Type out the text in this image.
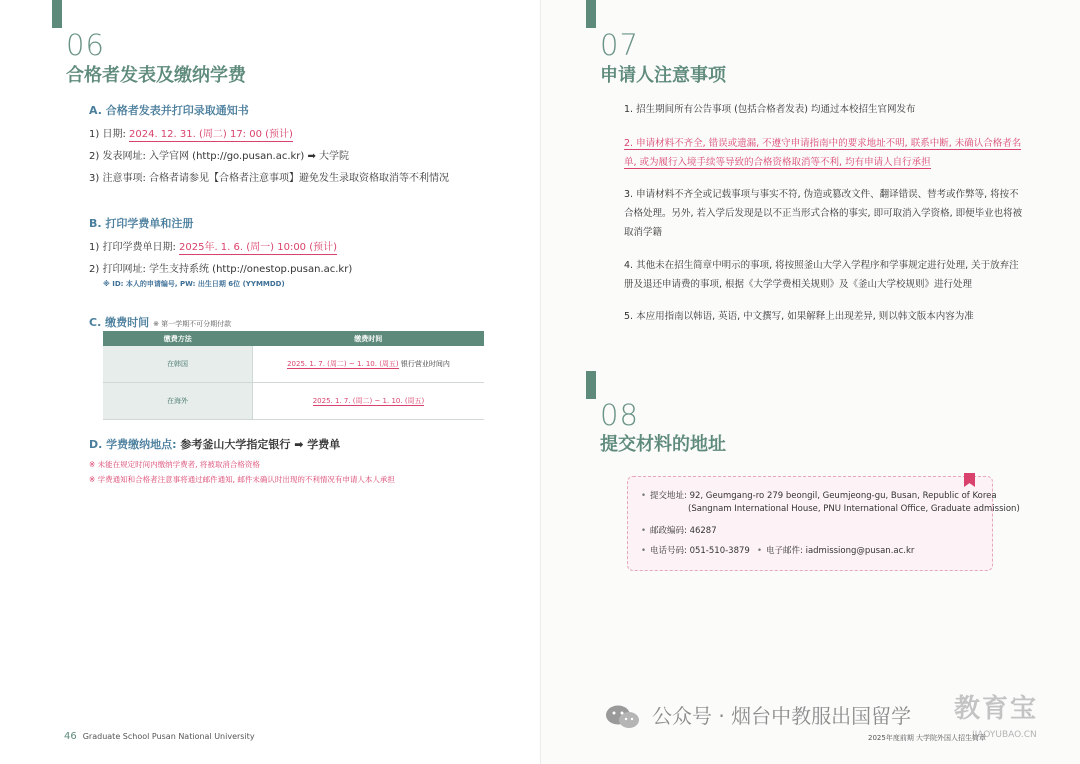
06
合格者发表及缴纳学费
A. 合格者发表并打印录取通知书
1) 日期: 2024. 12. 31. (周二) 17: 00 (预计)
2) 发表网址: 入学官网 (http://go.pusan.ac.kr) ➡ 大学院
3) 注意事项: 合格者请参见【合格者注意事项】避免发生录取资格取消等不利情况
B. 打印学费单和注册
1) 打印学费单日期: 2025年. 1. 6. (周一) 10:00 (预计)
2) 打印网址: 学生支持系统 (http://onestop.pusan.ac.kr)
※ ID: 本人的申请编号, PW: 出生日期 6位 (YYMMDD)
C. 缴费时间 ※ 第一学期不可分期付款
缴费方法	缴费时间
在韩国	2025. 1. 7. (周二) ~ 1. 10. (周五) 银行营业时间内
在海外	2025. 1. 7. (周二) ~ 1. 10. (周五)
D. 学费缴纳地点: 参考釜山大学指定银行 ➡ 学费单
※ 未能在规定时间内缴纳学费者, 将被取消合格资格
※ 学费通知和合格者注意事将通过邮件通知, 邮件未确认时出现的不利情况有申请人本人承担
46 Graduate School Pusan National University
07
申请人注意事项
1. 招生期间所有公告事项 (包括合格者发表) 均通过本校招生官网发布
2. 申请材料不齐全, 错误或遗漏, 不遵守申请指南中的要求地址不明, 联系中断, 未确认合格者名单, 或为履行入境手续等导致的合格资格取消等不利, 均有申请人自行承担
3. 申请材料不齐全或记载事项与事实不符, 伪造或篡改文件、翻译错误、替考或作弊等, 将按不合格处理。另外, 若入学后发现是以不正当形式合格的事实, 即可取消入学资格, 即便毕业也将被取消学籍
4. 其他未在招生简章中明示的事项, 将按照釜山大学入学程序和学事规定进行处理, 关于放弃注册及退还申请费的事项, 根据《大学学费相关规则》及《釜山大学校规则》进行处理
5. 本应用指南以韩语, 英语, 中文撰写, 如果解释上出现差异, 则以韩文版本内容为准
08
提交材料的地址
• 提交地址: 92, Geumgang-ro 279 beongil, Geumjeong-gu, Busan, Republic of Korea
(Sangnam International House, PNU International Office, Graduate admission)
• 邮政编码: 46287
• 电话号码: 051-510-3879 • 电子邮件: iadmissiong@pusan.ac.kr
公众号 · 烟台中教服出国留学 教育宝
JIAOYUBAO.CN
2025年度前期 大学院外国人招生简章
